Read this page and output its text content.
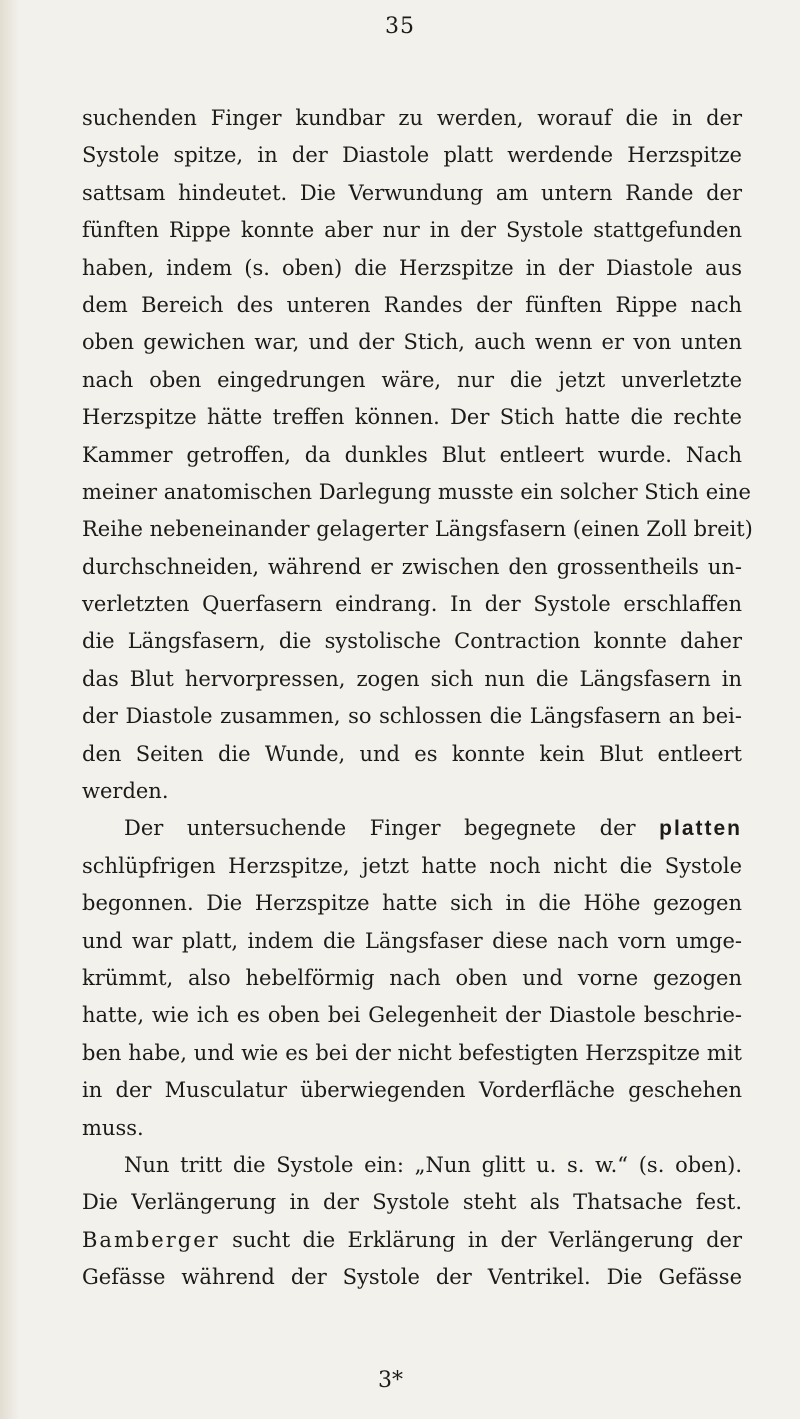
35
suchenden Finger kundbar zu werden, worauf die in der
Systole spitze, in der Diastole platt werdende Herzspitze
sattsam hindeutet. Die Verwundung am untern Rande der
fünften Rippe konnte aber nur in der Systole stattgefunden
haben, indem (s. oben) die Herzspitze in der Diastole aus
dem Bereich des unteren Randes der fünften Rippe nach
oben gewichen war, und der Stich, auch wenn er von unten
nach oben eingedrungen wäre, nur die jetzt unverletzte
Herzspitze hätte treffen können. Der Stich hatte die rechte
Kammer getroffen, da dunkles Blut entleert wurde. Nach
meiner anatomischen Darlegung musste ein solcher Stich eine
Reihe nebeneinander gelagerter Längsfasern (einen Zoll breit)
durchschneiden, während er zwischen den grossentheils un-
verletzten Querfasern eindrang. In der Systole erschlaffen
die Längsfasern, die systolische Contraction konnte daher
das Blut hervorpressen, zogen sich nun die Längsfasern in
der Diastole zusammen, so schlossen die Längsfasern an bei-
den Seiten die Wunde, und es konnte kein Blut entleert
werden.
Der untersuchende Finger begegnete der platten
schlüpfrigen Herzspitze, jetzt hatte noch nicht die Systole
begonnen. Die Herzspitze hatte sich in die Höhe gezogen
und war platt, indem die Längsfaser diese nach vorn umge-
krümmt, also hebelförmig nach oben und vorne gezogen
hatte, wie ich es oben bei Gelegenheit der Diastole beschrie-
ben habe, und wie es bei der nicht befestigten Herzspitze mit
in der Musculatur überwiegenden Vorderfläche geschehen
muss.
Nun tritt die Systole ein: „Nun glitt u. s. w.“ (s. oben).
Die Verlängerung in der Systole steht als Thatsache fest.
Bamberger sucht die Erklärung in der Verlängerung der
Gefässe während der Systole der Ventrikel. Die Gefässe
3*
